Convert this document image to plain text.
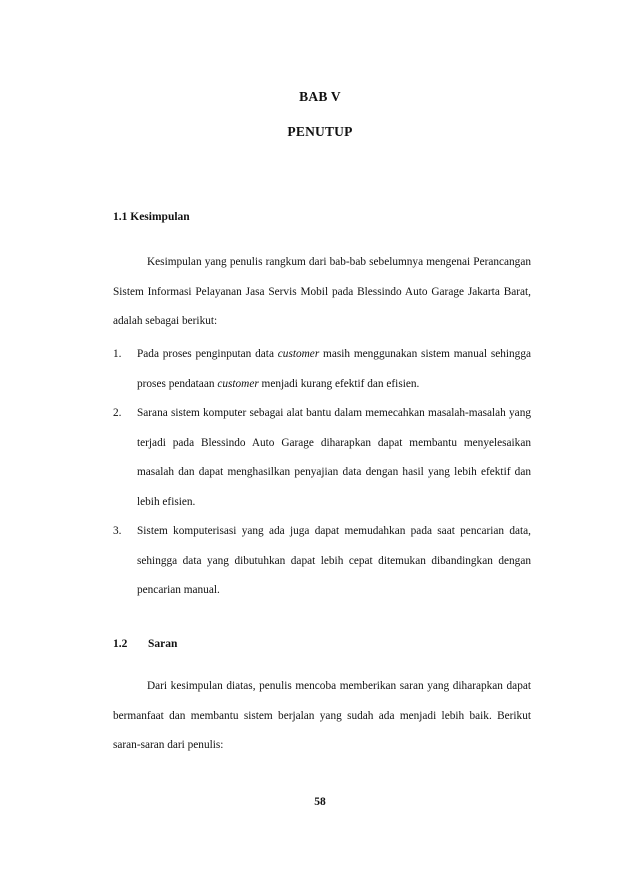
BAB V
PENUTUP
1.1 Kesimpulan

Kesimpulan yang penulis rangkum dari bab-bab sebelumnya mengenai Perancangan Sistem Informasi Pelayanan Jasa Servis Mobil pada Blessindo Auto Garage Jakarta Barat, adalah sebagai berikut:

1. Pada proses penginputan data customer masih menggunakan sistem manual sehingga proses pendataan customer menjadi kurang efektif dan efisien.
2. Sarana sistem komputer sebagai alat bantu dalam memecahkan masalah-masalah yang terjadi pada Blessindo Auto Garage diharapkan dapat membantu menyelesaikan masalah dan dapat menghasilkan penyajian data dengan hasil yang lebih efektif dan lebih efisien.
3. Sistem komputerisasi yang ada juga dapat memudahkan pada saat pencarian data, sehingga data yang dibutuhkan dapat lebih cepat ditemukan dibandingkan dengan pencarian manual.
1.2 Saran

Dari kesimpulan diatas, penulis mencoba memberikan saran yang diharapkan dapat bermanfaat dan membantu sistem berjalan yang sudah ada menjadi lebih baik. Berikut saran-saran dari penulis:

58
